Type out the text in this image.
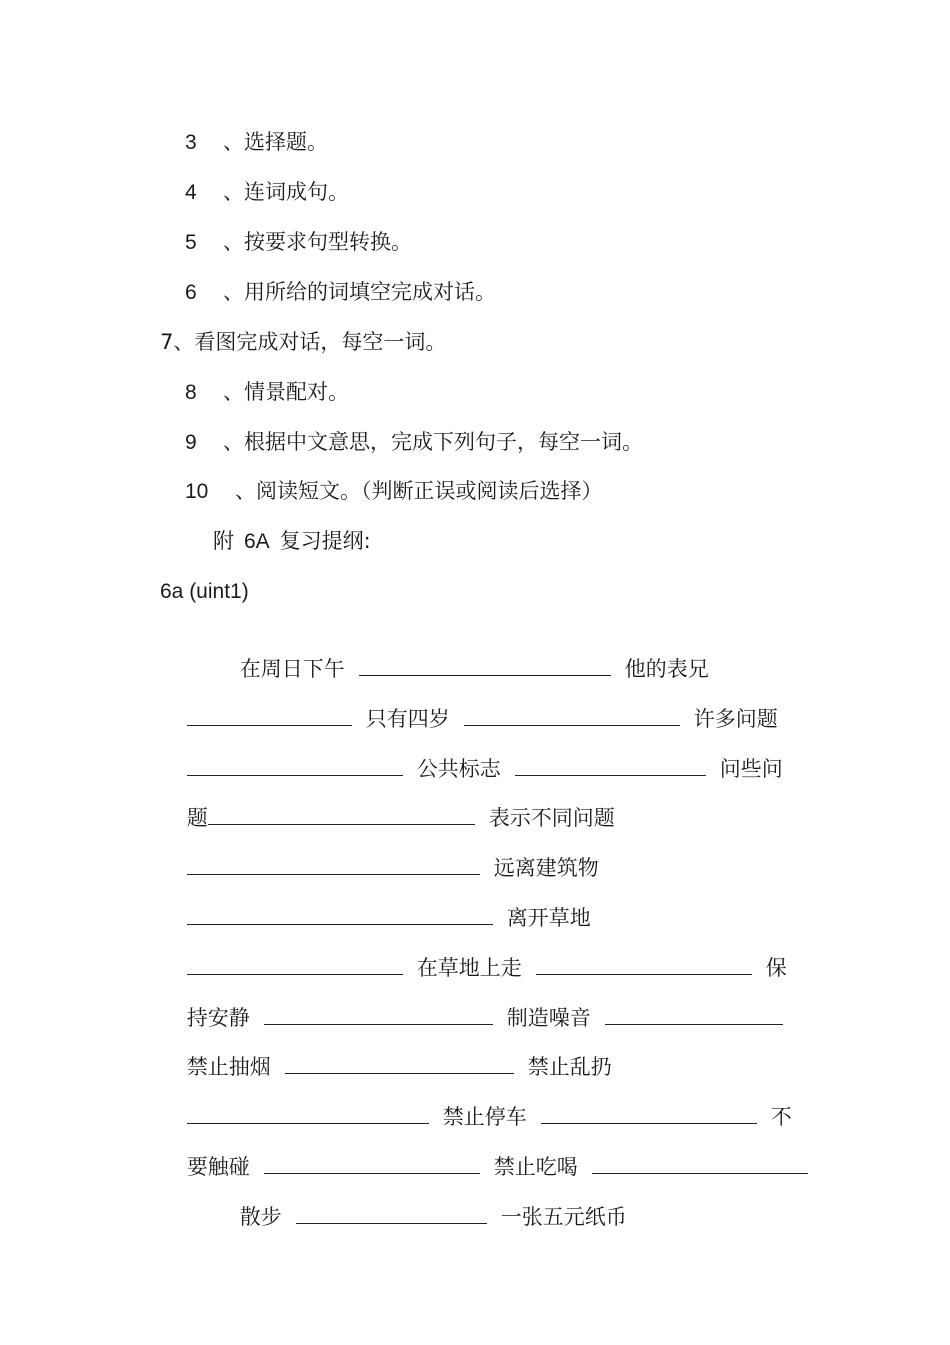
3 、选择题。
4 、连词成句。
5 、按要求句型转换。
6 、用所给的词填空完成对话。
7、看图完成对话，每空一词。
8 、情景配对。
9 、根据中文意思，完成下列句子，每空一词。
10 、阅读短文。（判断正误或阅读后选择）
附 6A 复习提纲:
6a (uint1)

在周日下午	他的表兄

只有四岁	许多问题

公共标志	问些问

题	表示不同问题

远离建筑物

离开草地

在草地上走	保

持安静	制造噪音

禁止抽烟	禁止乱扔

禁止停车	不

要触碰	禁止吃喝

散步	一张五元纸币
